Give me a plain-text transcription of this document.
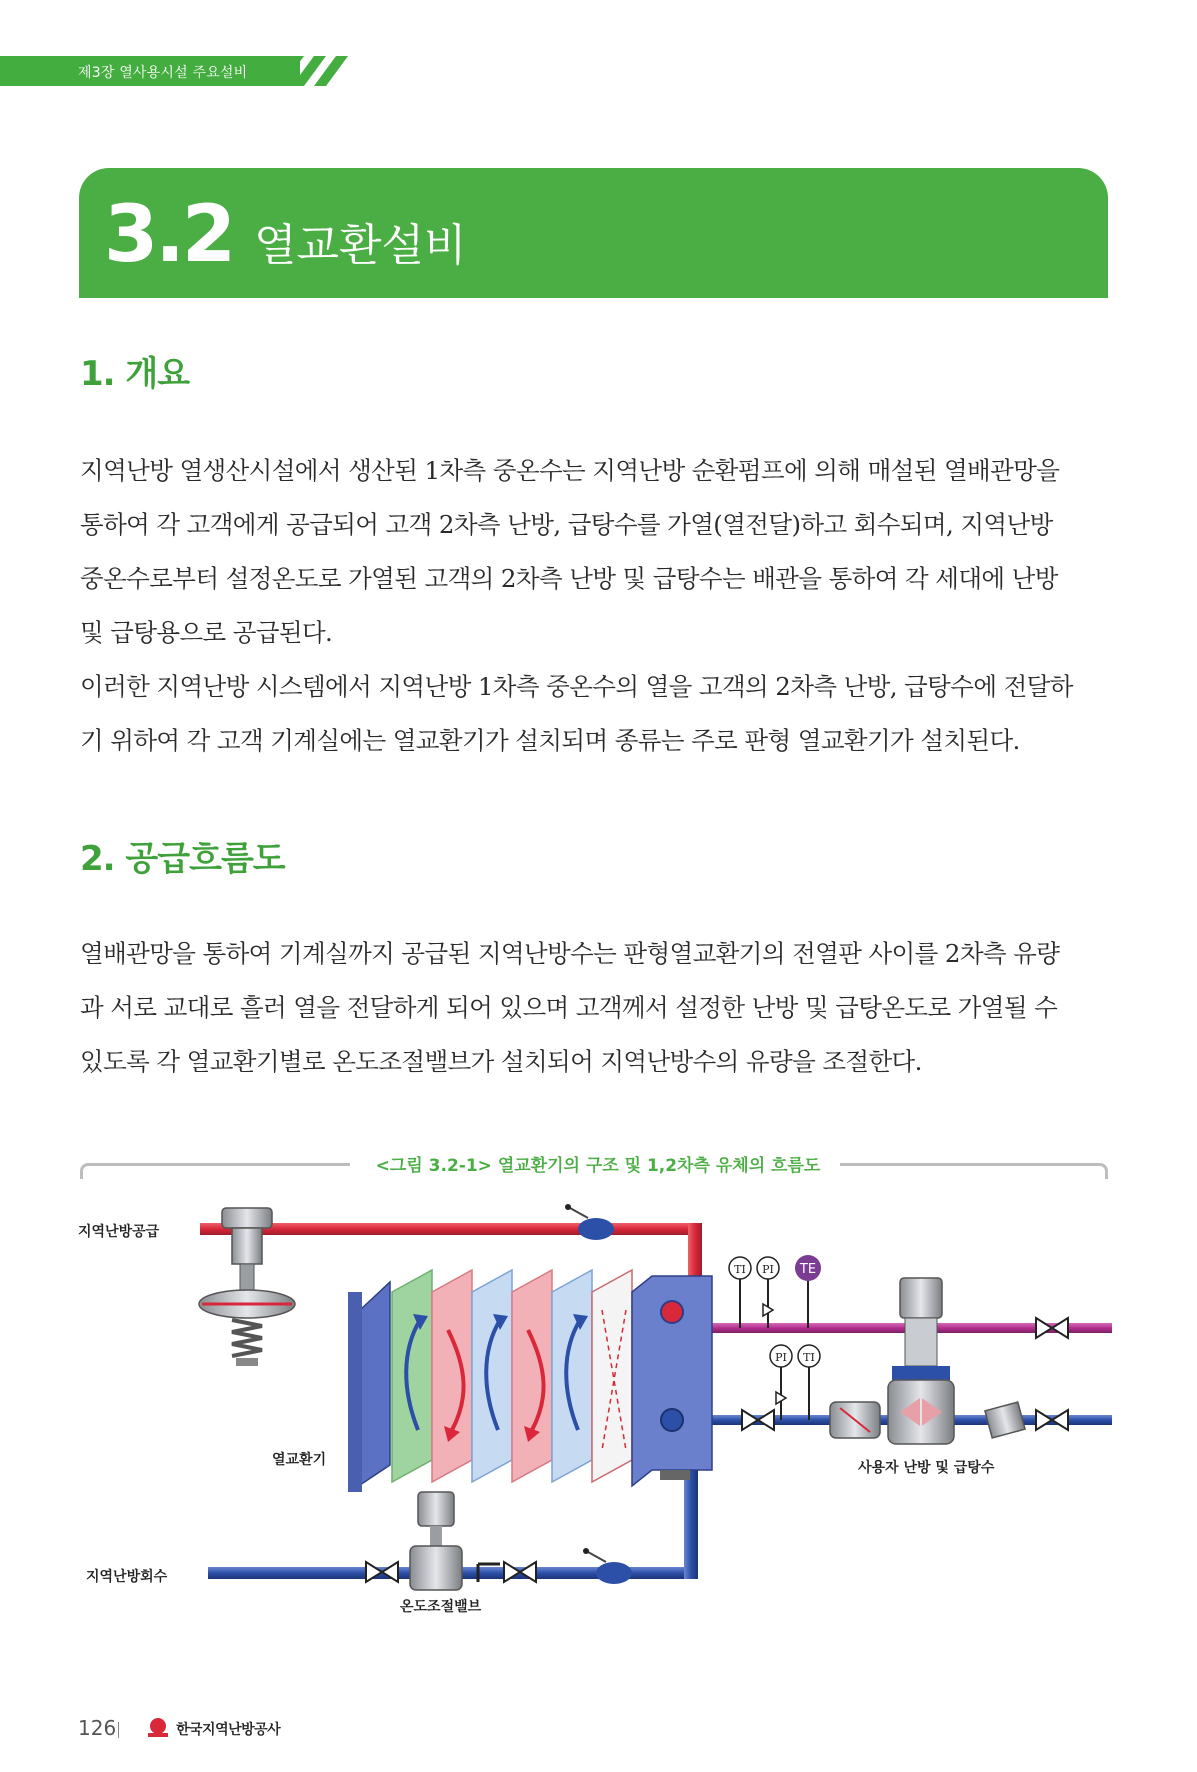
제3장 열사용시설 주요설비
3.2 열교환설비
1. 개요

지역난방 열생산시설에서 생산된 1차측 중온수는 지역난방 순환펌프에 의해 매설된 열배관망을

통하여 각 고객에게 공급되어 고객 2차측 난방, 급탕수를 가열(열전달)하고 회수되며, 지역난방

중온수로부터 설정온도로 가열된 고객의 2차측 난방 및 급탕수는 배관을 통하여 각 세대에 난방

및 급탕용으로 공급된다.

이러한 지역난방 시스템에서 지역난방 1차측 중온수의 열을 고객의 2차측 난방, 급탕수에 전달하

기 위하여 각 고객 기계실에는 열교환기가 설치되며 종류는 주로 판형 열교환기가 설치된다.

2. 공급흐름도

열배관망을 통하여 기계실까지 공급된 지역난방수는 판형열교환기의 전열판 사이를 2차측 유량

과 서로 교대로 흘러 열을 전달하게 되어 있으며 고객께서 설정한 난방 및 급탕온도로 가열될 수

있도록 각 열교환기별로 온도조절밸브가 설치되어 지역난방수의 유량을 조절한다.

<그림 3.2-1> 열교환기의 구조 및 1,2차측 유체의 흐름도
TI PI TE
PI TI
지역난방공급
지역난방회수
열교환기
온도조절밸브
사용자 난방 및 급탕수
126	한국지역난방공사
